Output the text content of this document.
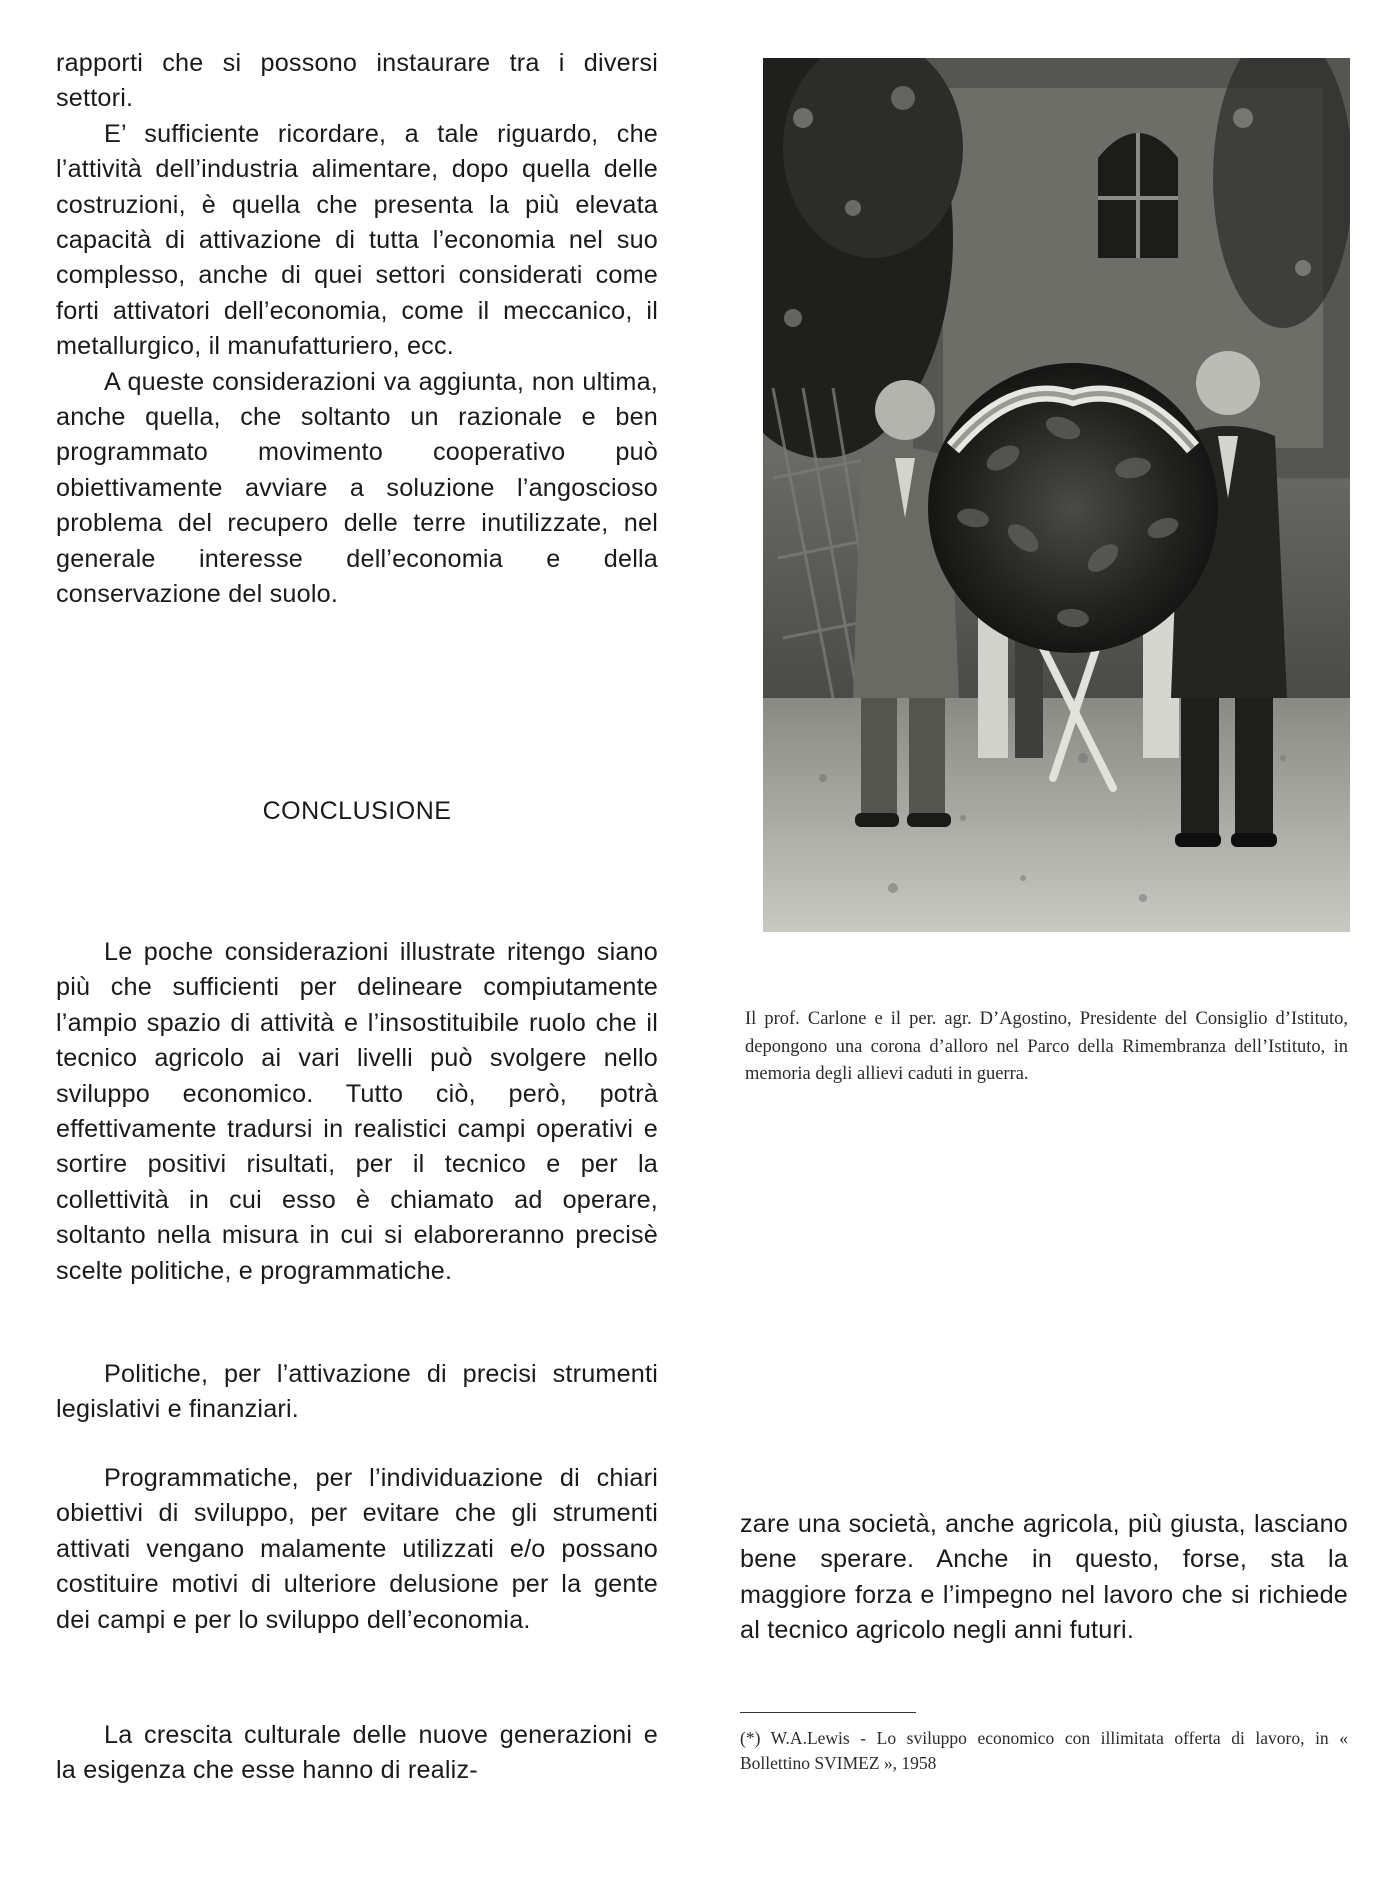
rapporti che si possono instaurare tra i diversi settori.

E’ sufficiente ricordare, a tale riguardo, che l’attività dell’industria alimentare, dopo quella delle costruzioni, è quella che presenta la più elevata capacità di attivazione di tutta l’economia nel suo complesso, anche di quei settori considerati come forti attivatori dell’economia, come il meccanico, il metallurgico, il manufatturiero, ecc.

A queste considerazioni va aggiunta, non ultima, anche quella, che soltanto un razionale e ben programmato movimento cooperativo può obiettivamente avviare a soluzione l’angoscioso problema del recupero delle terre inutilizzate, nel generale interesse dell’economia e della conservazione del suolo.

CONCLUSIONE

Le poche considerazioni illustrate ritengo siano più che sufficienti per delineare compiutamente l’ampio spazio di attività e l’insostituibile ruolo che il tecnico agricolo ai vari livelli può svolgere nello sviluppo economico. Tutto ciò, però, potrà effettivamente tradursi in realistici campi operativi e sortire positivi risultati, per il tecnico e per la collettività in cui esso è chiamato ad operare, soltanto nella misura in cui si elaboreranno precisè scelte politiche, e programmatiche.

Politiche, per l’attivazione di precisi strumenti legislativi e finanziari.

Programmatiche, per l’individuazione di chiari obiettivi di sviluppo, per evitare che gli strumenti attivati vengano malamente utilizzati e/o possano costituire motivi di ulteriore delusione per la gente dei campi e per lo sviluppo dell’economia.

La crescita culturale delle nuove generazioni e la esigenza che esse hanno di realiz-

Il prof. Carlone e il per. agr. D’Agostino, Presidente del Consiglio d’Istituto, depongono una corona d’alloro nel Parco della Rimembranza dell’Istituto, in memoria degli allievi caduti in guerra.

zare una società, anche agricola, più giusta, lasciano bene sperare. Anche in questo, forse, sta la maggiore forza e l’impegno nel lavoro che si richiede al tecnico agricolo negli anni futuri.

(*) W.A.Lewis - Lo sviluppo economico con illimitata offerta di lavoro, in « Bollettino SVIMEZ », 1958
